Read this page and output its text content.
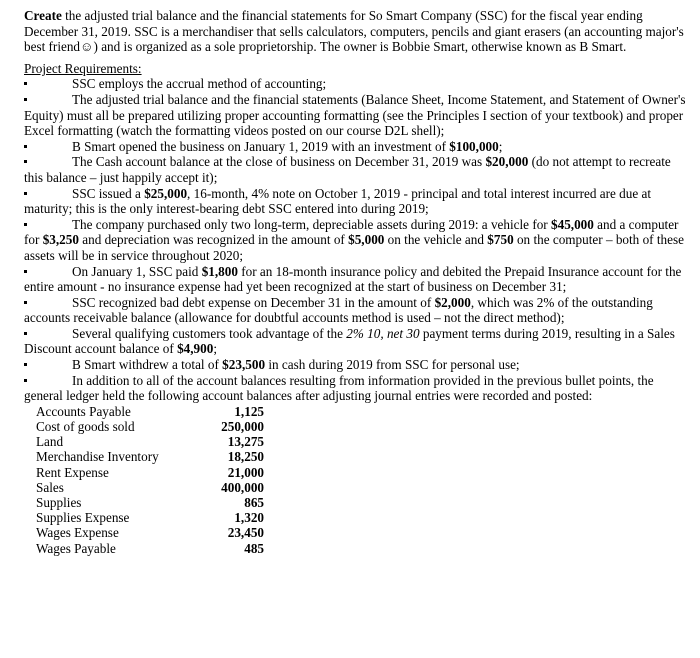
Create the adjusted trial balance and the financial statements for So Smart Company (SSC) for the fiscal year ending December 31, 2019. SSC is a merchandiser that sells calculators, computers, pencils and giant erasers (an accounting major's best friend☺) and is organized as a sole proprietorship. The owner is Bobbie Smart, otherwise known as B Smart.

Project Requirements:

SSC employs the accrual method of accounting;
The adjusted trial balance and the financial statements (Balance Sheet, Income Statement, and Statement of Owner's Equity) must all be prepared utilizing proper accounting formatting (see the Principles I section of your textbook) and proper Excel formatting (watch the formatting videos posted on our course D2L shell);
B Smart opened the business on January 1, 2019 with an investment of $100,000;
The Cash account balance at the close of business on December 31, 2019 was $20,000 (do not attempt to recreate this balance – just happily accept it);
SSC issued a $25,000, 16-month, 4% note on October 1, 2019 - principal and total interest incurred are due at maturity; this is the only interest-bearing debt SSC entered into during 2019;
The company purchased only two long-term, depreciable assets during 2019: a vehicle for $45,000 and a computer for $3,250 and depreciation was recognized in the amount of $5,000 on the vehicle and $750 on the computer – both of these assets will be in service throughout 2020;
On January 1, SSC paid $1,800 for an 18-month insurance policy and debited the Prepaid Insurance account for the entire amount - no insurance expense had yet been recognized at the start of business on December 31;
SSC recognized bad debt expense on December 31 in the amount of $2,000, which was 2% of the outstanding accounts receivable balance (allowance for doubtful accounts method is used – not the direct method);
Several qualifying customers took advantage of the 2% 10, net 30 payment terms during 2019, resulting in a Sales Discount account balance of $4,900;
B Smart withdrew a total of $23,500 in cash during 2019 from SSC for personal use;
In addition to all of the account balances resulting from information provided in the previous bullet points, the general ledger held the following account balances after adjusting journal entries were recorded and posted:
Accounts Payable	1,125
Cost of goods sold	250,000
Land	13,275
Merchandise Inventory	18,250
Rent Expense	21,000
Sales	400,000
Supplies	865
Supplies Expense	1,320
Wages Expense	23,450
Wages Payable	485
